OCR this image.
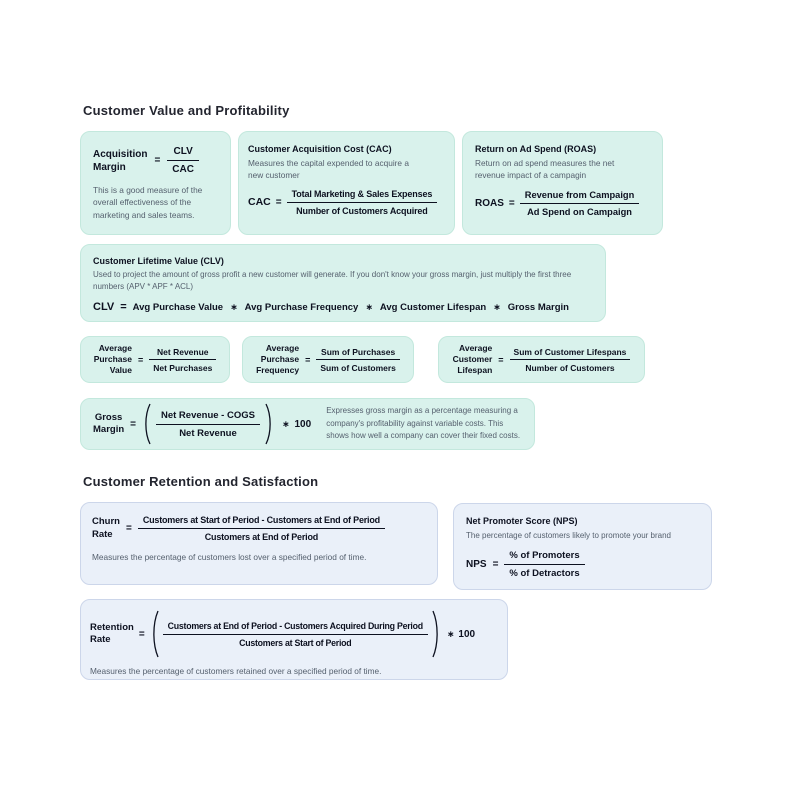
Customer Value and Profitability
Acquisition
Margin
= $\frac{\text{CLV}}{\text{CAC}}$
This is a good measure of the overall effectiveness of the marketing and sales teams.
Customer Acquisition Cost (CAC)
Measures the capital expended to acquire a new customer
CAC = $\frac{\text{Total Marketing \& Sales Expenses}}{\text{Number of Customers Acquired}}$
Return on Ad Spend (ROAS)
Return on ad spend measures the net revenue impact of a campagin
ROAS = $\frac{\text{Revenue from Campaign}}{\text{Ad Spend on Campaign}}$
Customer Lifetime Value (CLV)
Used to project the amount of gross profit a new customer will generate. If you don't know your gross margin, just multiply the first three numbers (APV * APF * ACL)
CLV = Avg Purchase Value ∗ Avg Purchase Frequency ∗ Avg Customer Lifespan ∗ Gross Margin
Average
Purchase
Value
= $\frac{\text{Net Revenue}}{\text{Net Purchases}}$	Average
Purchase
Frequency
= $\frac{\text{Sum of Purchases}}{\text{Sum of Customers}}$	Average
Customer
Lifespan
= $\frac{\text{Sum of Customer Lifespans}}{\text{Number of Customers}}$
Gross
Margin = $\frac{\text{Net Revenue - COGS}}{\text{Net Revenue}}$ ∗ 100
Expresses gross margin as a percentage measuring a company's profitability against variable costs. This shows how well a company can cover their fixed costs.
Customer Retention and Satisfaction
Churn
Rate	= $\frac{\text{Customers at Start of Period - Customers at End of Period}}{\text{Customers at End of Period}}$
Measures the percentage of customers lost over a specified period of time.
Net Promoter Score (NPS)
The percentage of customers likely to promote your brand
NPS = $\frac{\text{\% of Promoters}}{\text{\% of Detractors}}$
Retention
Rate	=
Customers at End of Period - Customers Acquired During Period
Customers at Start of Period
∗ 100
Measures the percentage of customers retained over a specified period of time.
